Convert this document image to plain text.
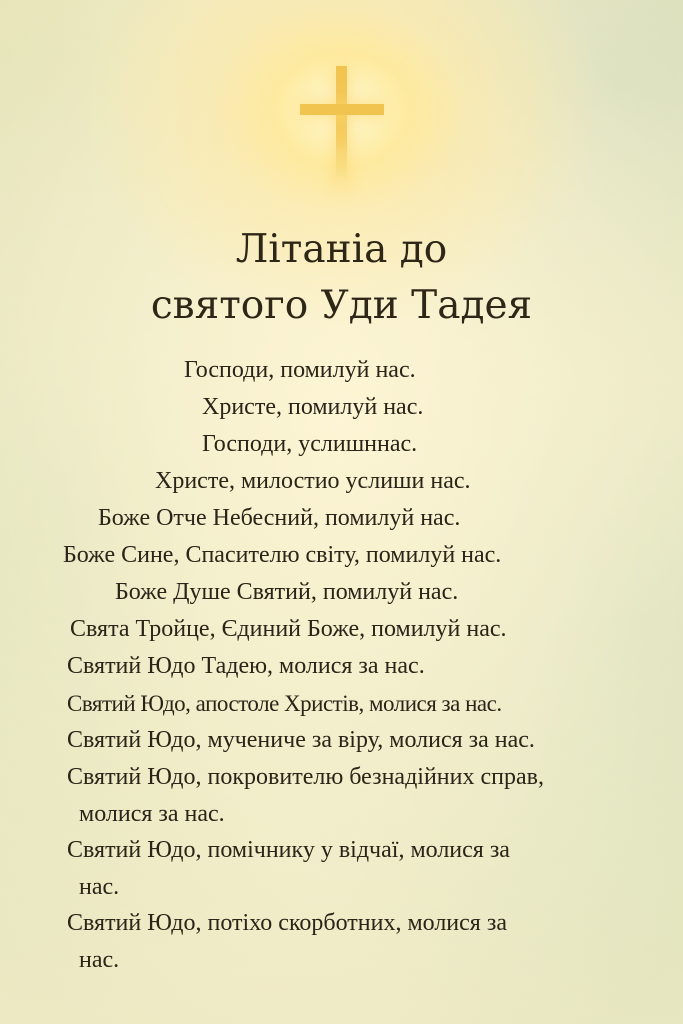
Літаніа до
святого Уди Тадея
Господи, помилуй нас.
Христе, помилуй нас.
Господи, услишннас.
Христе, милостио услиши нас.
Боже Отче Небесний, помилуй нас.
Боже Сине, Спасителю світу, помилуй нас.
Боже Душе Святий, помилуй нас.
Свята Тройце, Єдиний Боже, помилуй нас.
Святий Юдо Тадею, молися за нас.
Святий Юдо, апостоле Христів, молися за нас.
Святий Юдо, мучениче за віру, молися за нас.
Святий Юдо, покровителю безнадійних справ,
молися за нас.
Святий Юдо, помічнику у відчаї, молися за
нас.
Святий Юдо, потіхо скорботних, молися за
нас.
